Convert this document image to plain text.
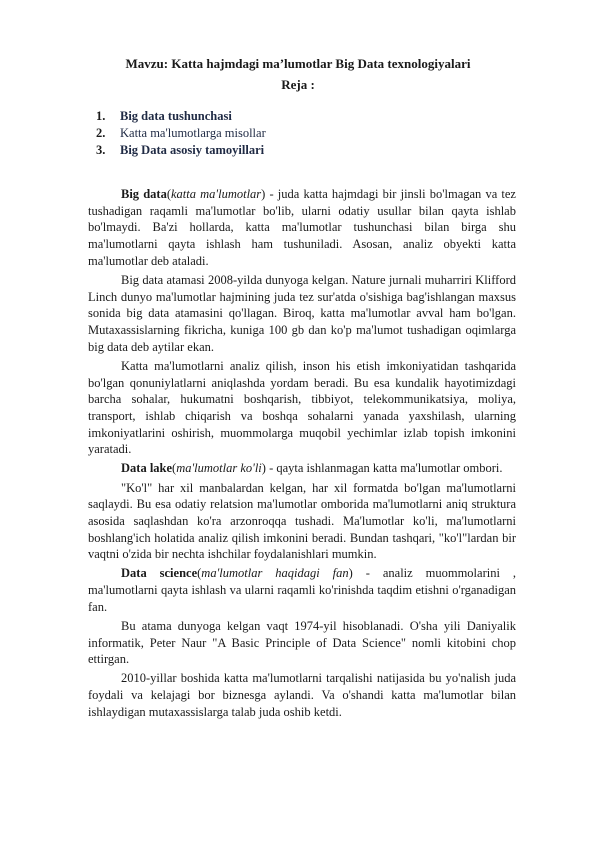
Mavzu: Katta hajmdagi ma’lumotlar Big Data texnologiyalari
Reja :
1.	Big data tushunchasi
2.	Katta ma'lumotlarga misollar
3.	Big Data asosiy tamoyillari

Big data(katta ma'lumotlar) - juda katta hajmdagi bir jinsli bo'lmagan va tez tushadigan raqamli ma'lumotlar bo'lib, ularni odatiy usullar bilan qayta ishlab bo'lmaydi. Ba'zi hollarda, katta ma'lumotlar tushunchasi bilan birga shu ma'lumotlarni qayta ishlash ham tushuniladi. Asosan, analiz obyekti katta ma'lumotlar deb ataladi.

Big data atamasi 2008-yilda dunyoga kelgan. Nature jurnali muharriri Klifford Linch dunyo ma'lumotlar hajmining juda tez sur'atda o'sishiga bag'ishlangan maxsus sonida big data atamasini qo'llagan. Biroq, katta ma'lumotlar avval ham bo'lgan. Mutaxassislarning fikricha, kuniga 100 gb dan ko'p ma'lumot tushadigan oqimlarga big data deb aytilar ekan.

Katta ma'lumotlarni analiz qilish, inson his etish imkoniyatidan tashqarida bo'lgan qonuniylatlarni aniqlashda yordam beradi. Bu esa kundalik hayotimizdagi barcha sohalar, hukumatni boshqarish, tibbiyot, telekommunikatsiya, moliya, transport, ishlab chiqarish va boshqa sohalarni yanada yaxshilash, ularning imkoniyatlarini oshirish, muommolarga muqobil yechimlar izlab topish imkonini yaratadi.

Data lake(ma'lumotlar ko'li) - qayta ishlanmagan katta ma'lumotlar ombori.

"Ko'l" har xil manbalardan kelgan, har xil formatda bo'lgan ma'lumotlarni saqlaydi. Bu esa odatiy relatsion ma'lumotlar omborida ma'lumotlarni aniq struktura asosida saqlashdan ko'ra arzonroqqa tushadi. Ma'lumotlar ko'li, ma'lumotlarni boshlang'ich holatida analiz qilish imkonini beradi. Bundan tashqari, "ko'l"lardan bir vaqtni o'zida bir nechta ishchilar foydalanishlari mumkin.

Data science(ma'lumotlar haqidagi fan) - analiz muommolarini , ma'lumotlarni qayta ishlash va ularni raqamli ko'rinishda taqdim etishni o'rganadigan fan.

Bu atama dunyoga kelgan vaqt 1974-yil hisoblanadi. O'sha yili Daniyalik informatik, Peter Naur "A Basic Principle of Data Science" nomli kitobini chop ettirgan.

2010-yillar boshida katta ma'lumotlarni tarqalishi natijasida bu yo'nalish juda foydali va kelajagi bor biznesga aylandi. Va o'shandi katta ma'lumotlar bilan ishlaydigan mutaxassislarga talab juda oshib ketdi.
